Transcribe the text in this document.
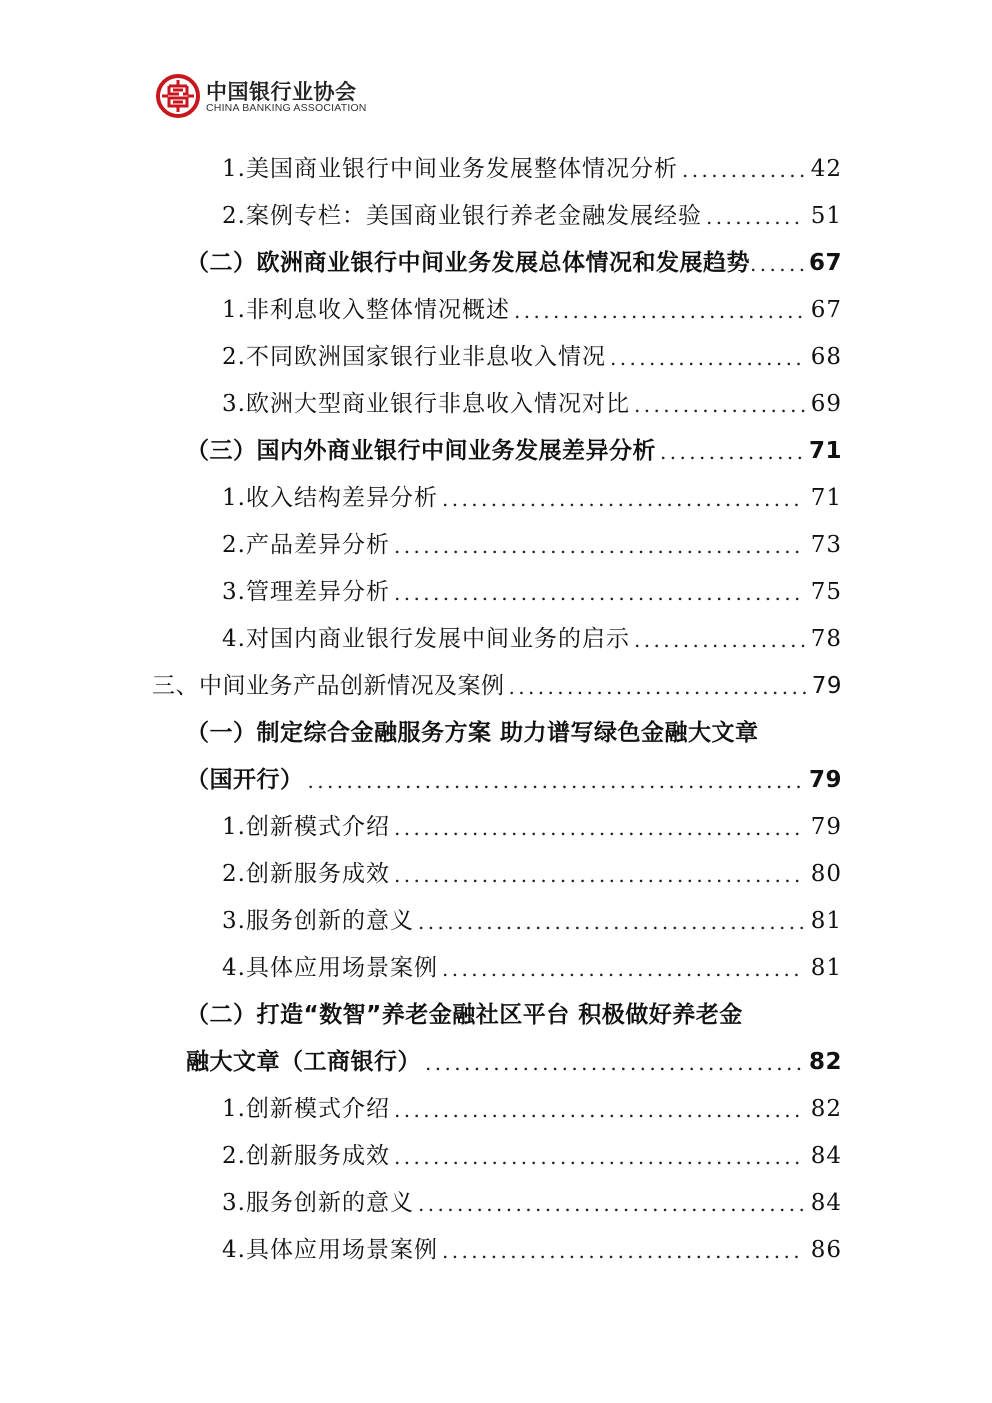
中国银行业协会
CHINA BANKING ASSOCIATION
1.美国商业银行中间业务发展整体情况分析 .....	42
2.案例专栏：美国商业银行养老金融发展经验 .....	51
（二）欧洲商业银行中间业务发展总体情况和发展趋势 .....	67
1.非利息收入整体情况概述 .....	67
2.不同欧洲国家银行业非息收入情况 .....	68
3.欧洲大型商业银行非息收入情况对比 .....	69
（三）国内外商业银行中间业务发展差异分析 .....	71
1.收入结构差异分析 .....	71
2.产品差异分析 .....	73
3.管理差异分析 .....	75
4.对国内商业银行发展中间业务的启示 .....	78
三、中间业务产品创新情况及案例 .....	79
（一）制定综合金融服务方案 助力谱写绿色金融大文章
（国开行） .....	79
1.创新模式介绍 .....	79
2.创新服务成效 .....	80
3.服务创新的意义 .....	81
4.具体应用场景案例 .....	81
（二）打造“数智”养老金融社区平台 积极做好养老金
融大文章（工商银行） .....	82
1.创新模式介绍 .....	82
2.创新服务成效 .....	84
3.服务创新的意义 .....	84
4.具体应用场景案例 .....	86
